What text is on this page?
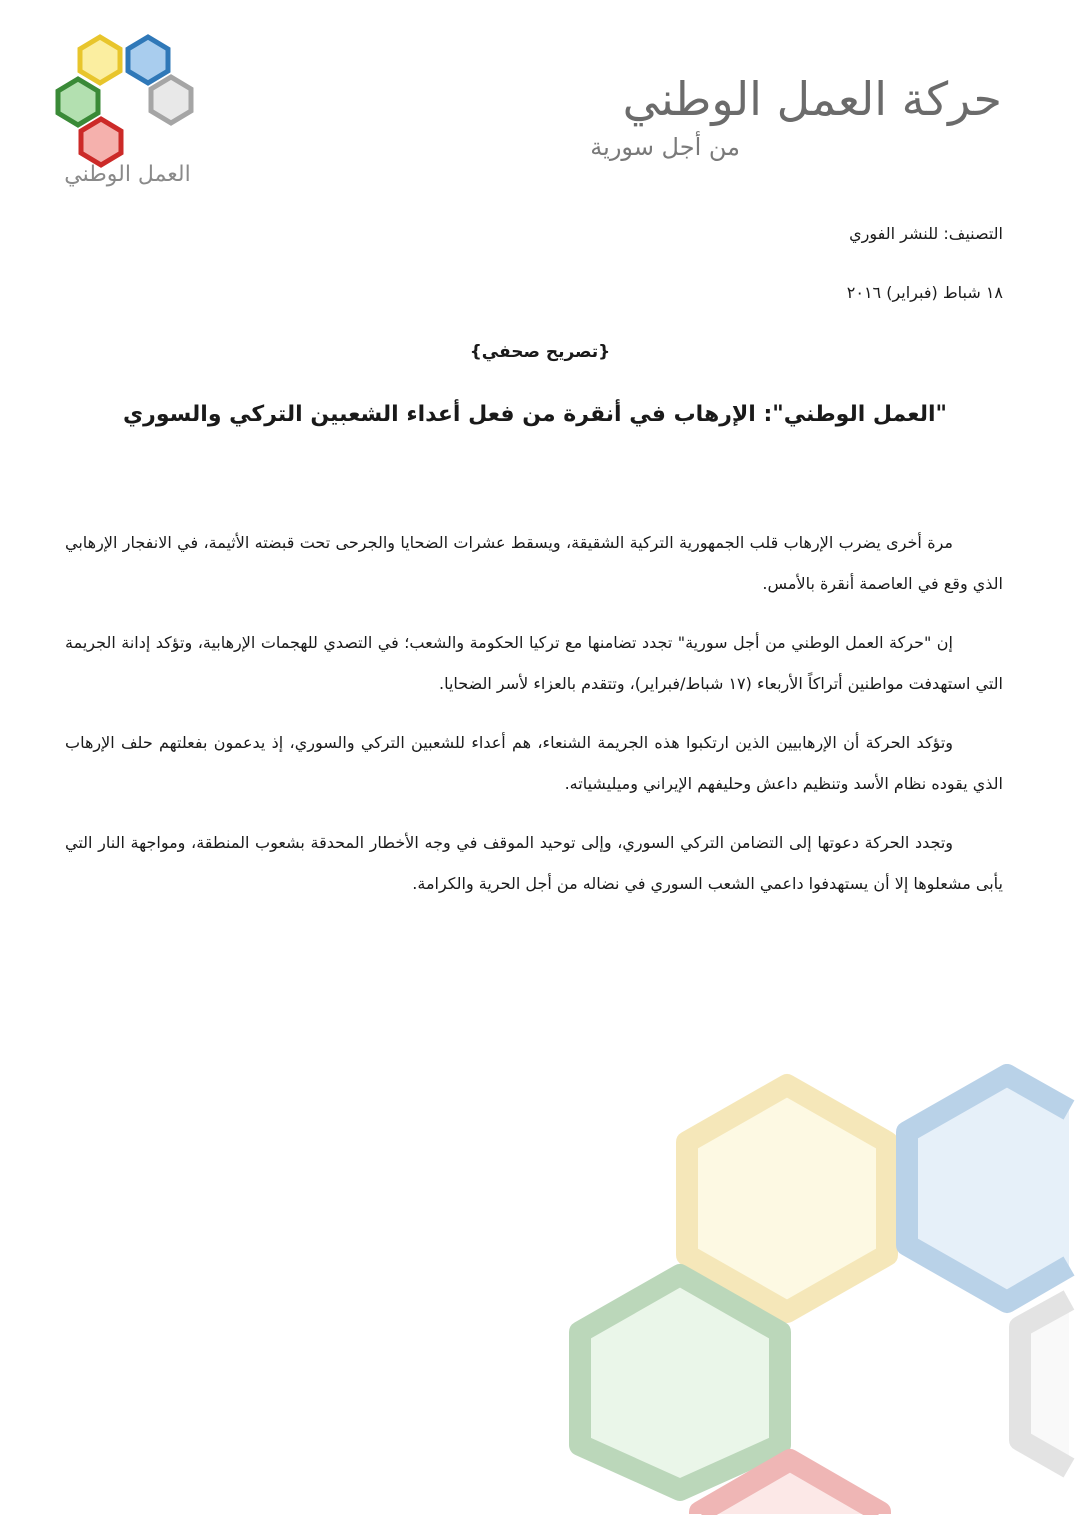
العمل الوطني
حركة العمل الوطني
من أجل سورية
التصنيف: للنشر الفوري
١٨ شباط (فبراير) ٢٠١٦
{تصريح صحفي}
"العمل الوطني": الإرهاب في أنقرة من فعل أعداء الشعبين التركي والسوري

مرة أخرى يضرب الإرهاب قلب الجمهورية التركية الشقيقة، ويسقط عشرات الضحايا والجرحى تحت قبضته الأثيمة، في الانفجار الإرهابي الذي وقع في العاصمة أنقرة بالأمس.

إن "حركة العمل الوطني من أجل سورية" تجدد تضامنها مع تركيا الحكومة والشعب؛ في التصدي للهجمات الإرهابية، وتؤكد إدانة الجريمة التي استهدفت مواطنين أتراكاً الأربعاء (١٧ شباط/فبراير)، وتتقدم بالعزاء لأسر الضحايا.

وتؤكد الحركة أن الإرهابيين الذين ارتكبوا هذه الجريمة الشنعاء، هم أعداء للشعبين التركي والسوري، إذ يدعمون بفعلتهم حلف الإرهاب الذي يقوده نظام الأسد وتنظيم داعش وحليفهم الإيراني وميليشياته.

وتجدد الحركة دعوتها إلى التضامن التركي السوري، وإلى توحيد الموقف في وجه الأخطار المحدقة بشعوب المنطقة، ومواجهة النار التي يأبى مشعلوها إلا أن يستهدفوا داعمي الشعب السوري في نضاله من أجل الحرية والكرامة.
